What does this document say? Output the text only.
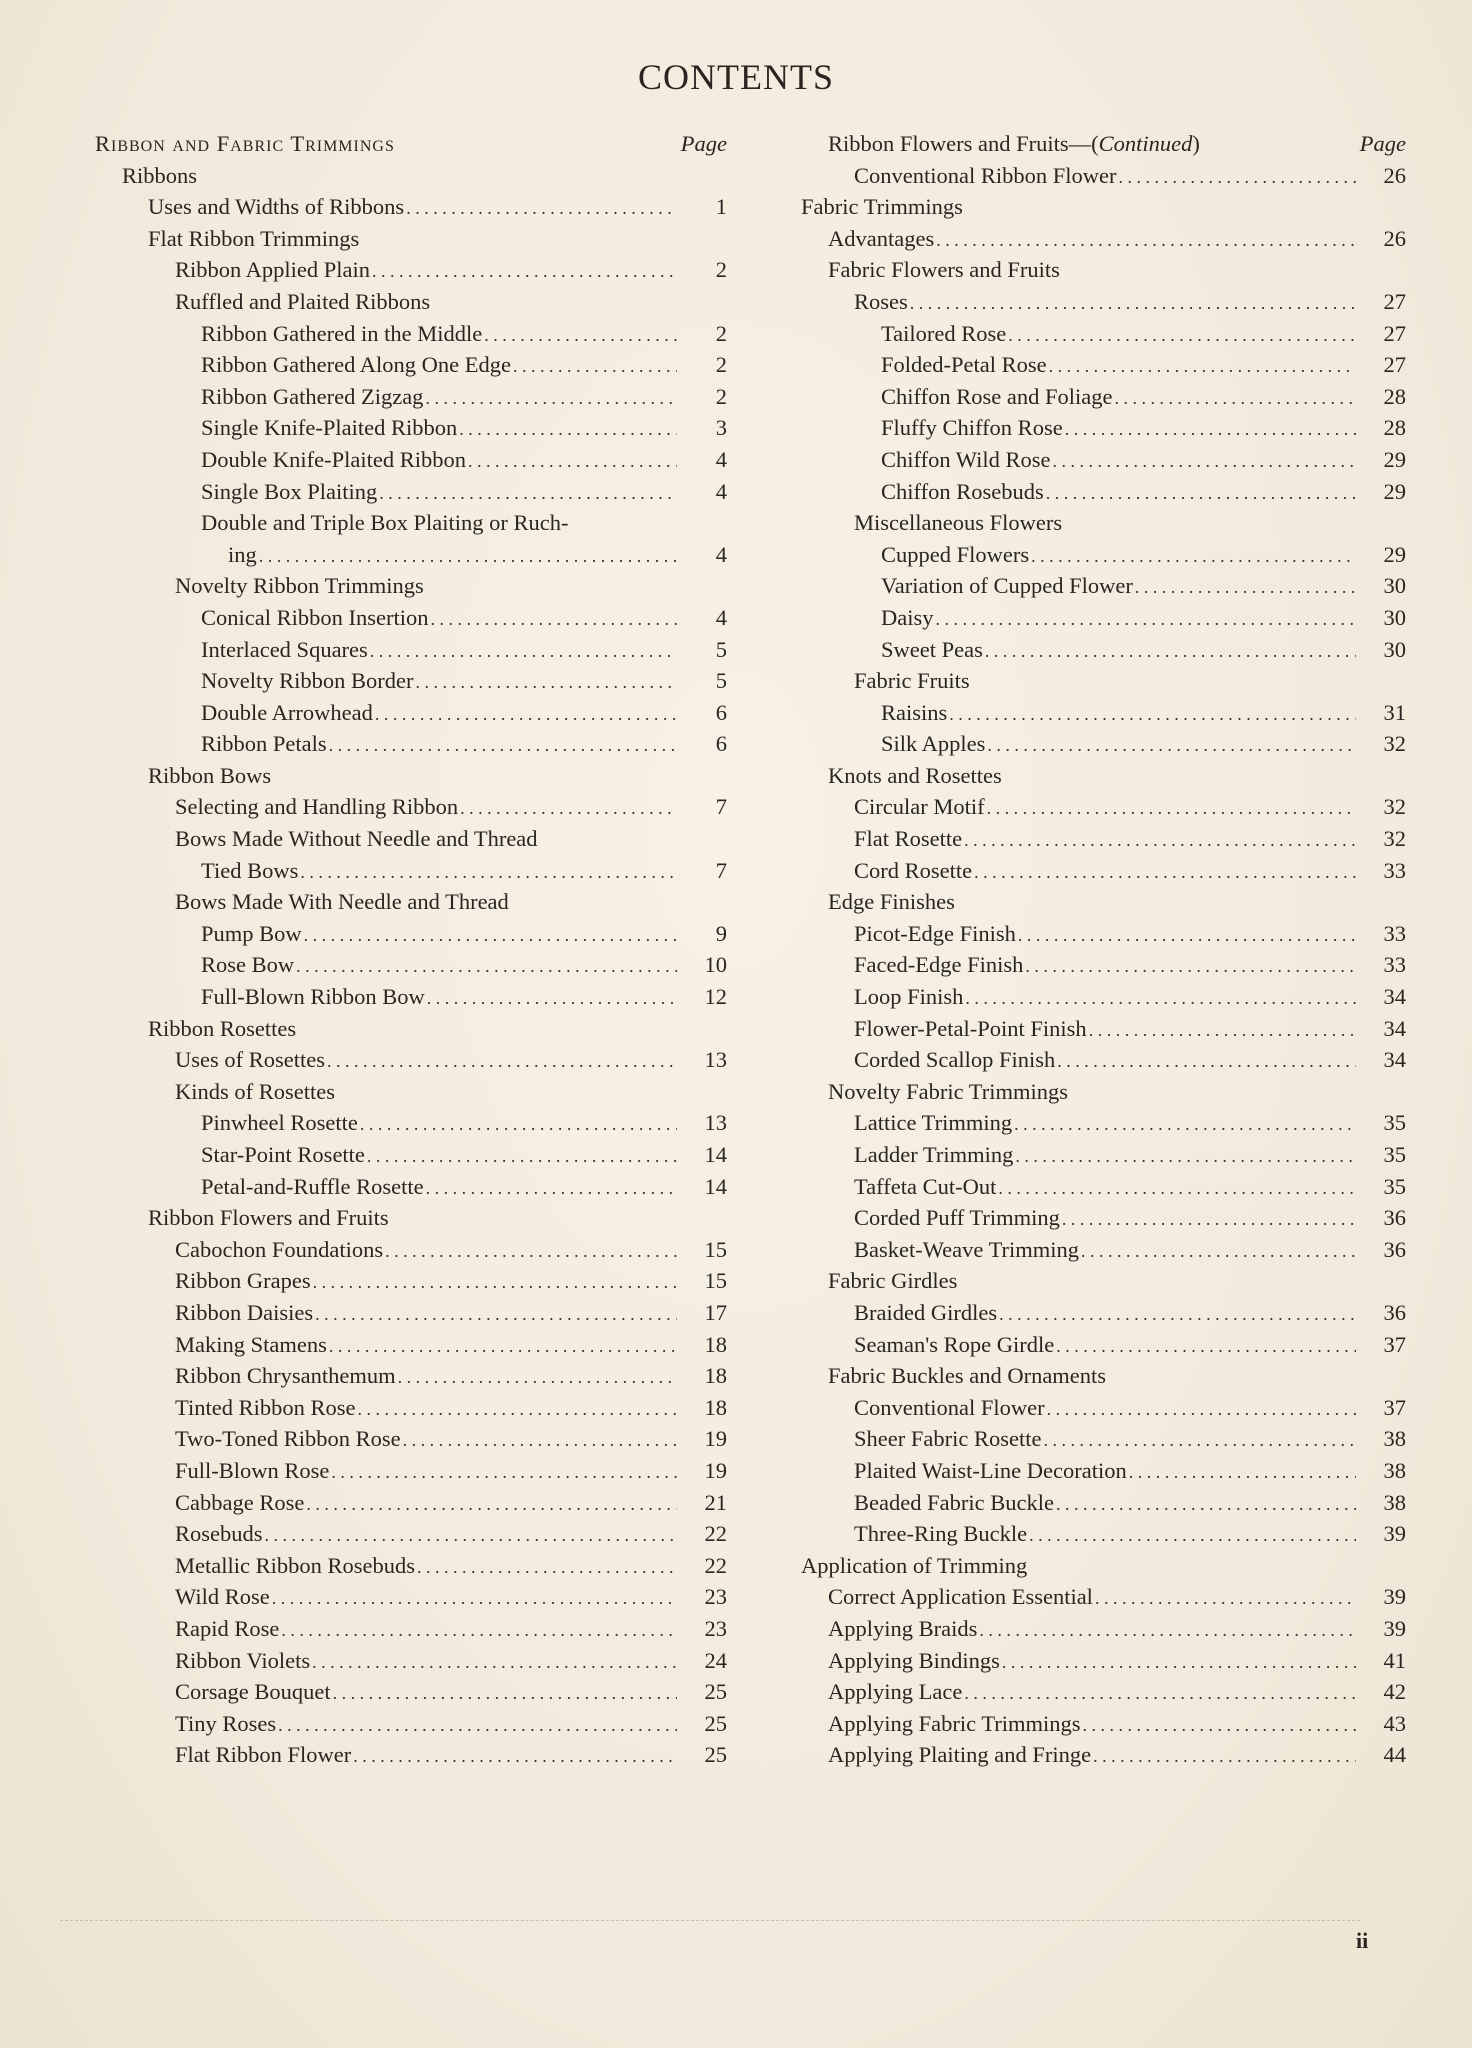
CONTENTS
Ribbon and Fabric Trimmings	Page
Ribbons
Uses and Widths of Ribbons . . .	1
Flat Ribbon Trimmings
Ribbon Applied Plain . . .	2
Ruffled and Plaited Ribbons
Ribbon Gathered in the Middle . . .	2
Ribbon Gathered Along One Edge . . .	2
Ribbon Gathered Zigzag . . .	2
Single Knife-Plaited Ribbon . . .	3
Double Knife-Plaited Ribbon . . .	4
Single Box Plaiting . . .	4
Double and Triple Box Plaiting or Ruch-
ing . . .	4
Novelty Ribbon Trimmings
Conical Ribbon Insertion . . .	4
Interlaced Squares . . .	5
Novelty Ribbon Border . . .	5
Double Arrowhead . . .	6
Ribbon Petals . . .	6
Ribbon Bows
Selecting and Handling Ribbon . . .	7
Bows Made Without Needle and Thread
Tied Bows . . .	7
Bows Made With Needle and Thread
Pump Bow . . .	9
Rose Bow . . .	10
Full-Blown Ribbon Bow . . .	12
Ribbon Rosettes
Uses of Rosettes . . .	13
Kinds of Rosettes
Pinwheel Rosette . . .	13
Star-Point Rosette . . .	14
Petal-and-Ruffle Rosette . . .	14
Ribbon Flowers and Fruits
Cabochon Foundations . . .	15
Ribbon Grapes . . .	15
Ribbon Daisies . . .	17
Making Stamens . . .	18
Ribbon Chrysanthemum . . .	18
Tinted Ribbon Rose . . .	18
Two-Toned Ribbon Rose . . .	19
Full-Blown Rose . . .	19
Cabbage Rose . . .	21
Rosebuds . . .	22
Metallic Ribbon Rosebuds . . .	22
Wild Rose . . .	23
Rapid Rose . . .	23
Ribbon Violets . . .	24
Corsage Bouquet . . .	25
Tiny Roses . . .	25
Flat Ribbon Flower . . .	25
Ribbon Flowers and Fruits—(Continued)	Page
Conventional Ribbon Flower . . .	26
Fabric Trimmings
Advantages . . .	26
Fabric Flowers and Fruits
Roses . . .	27
Tailored Rose . . .	27
Folded-Petal Rose . . .	27
Chiffon Rose and Foliage . . .	28
Fluffy Chiffon Rose . . .	28
Chiffon Wild Rose . . .	29
Chiffon Rosebuds . . .	29
Miscellaneous Flowers
Cupped Flowers . . .	29
Variation of Cupped Flower . . .	30
Daisy . . .	30
Sweet Peas . . .	30
Fabric Fruits
Raisins . . .	31
Silk Apples . . .	32
Knots and Rosettes
Circular Motif . . .	32
Flat Rosette . . .	32
Cord Rosette . . .	33
Edge Finishes
Picot-Edge Finish . . .	33
Faced-Edge Finish . . .	33
Loop Finish . . .	34
Flower-Petal-Point Finish . . .	34
Corded Scallop Finish . . .	34
Novelty Fabric Trimmings
Lattice Trimming . . .	35
Ladder Trimming . . .	35
Taffeta Cut-Out . . .	35
Corded Puff Trimming . . .	36
Basket-Weave Trimming . . .	36
Fabric Girdles
Braided Girdles . . .	36
Seaman's Rope Girdle . . .	37
Fabric Buckles and Ornaments
Conventional Flower . . .	37
Sheer Fabric Rosette . . .	38
Plaited Waist-Line Decoration . . .	38
Beaded Fabric Buckle . . .	38
Three-Ring Buckle . . .	39
Application of Trimming
Correct Application Essential . . .	39
Applying Braids . . .	39
Applying Bindings . . .	41
Applying Lace . . .	42
Applying Fabric Trimmings . . .	43
Applying Plaiting and Fringe . . .	44
ii
